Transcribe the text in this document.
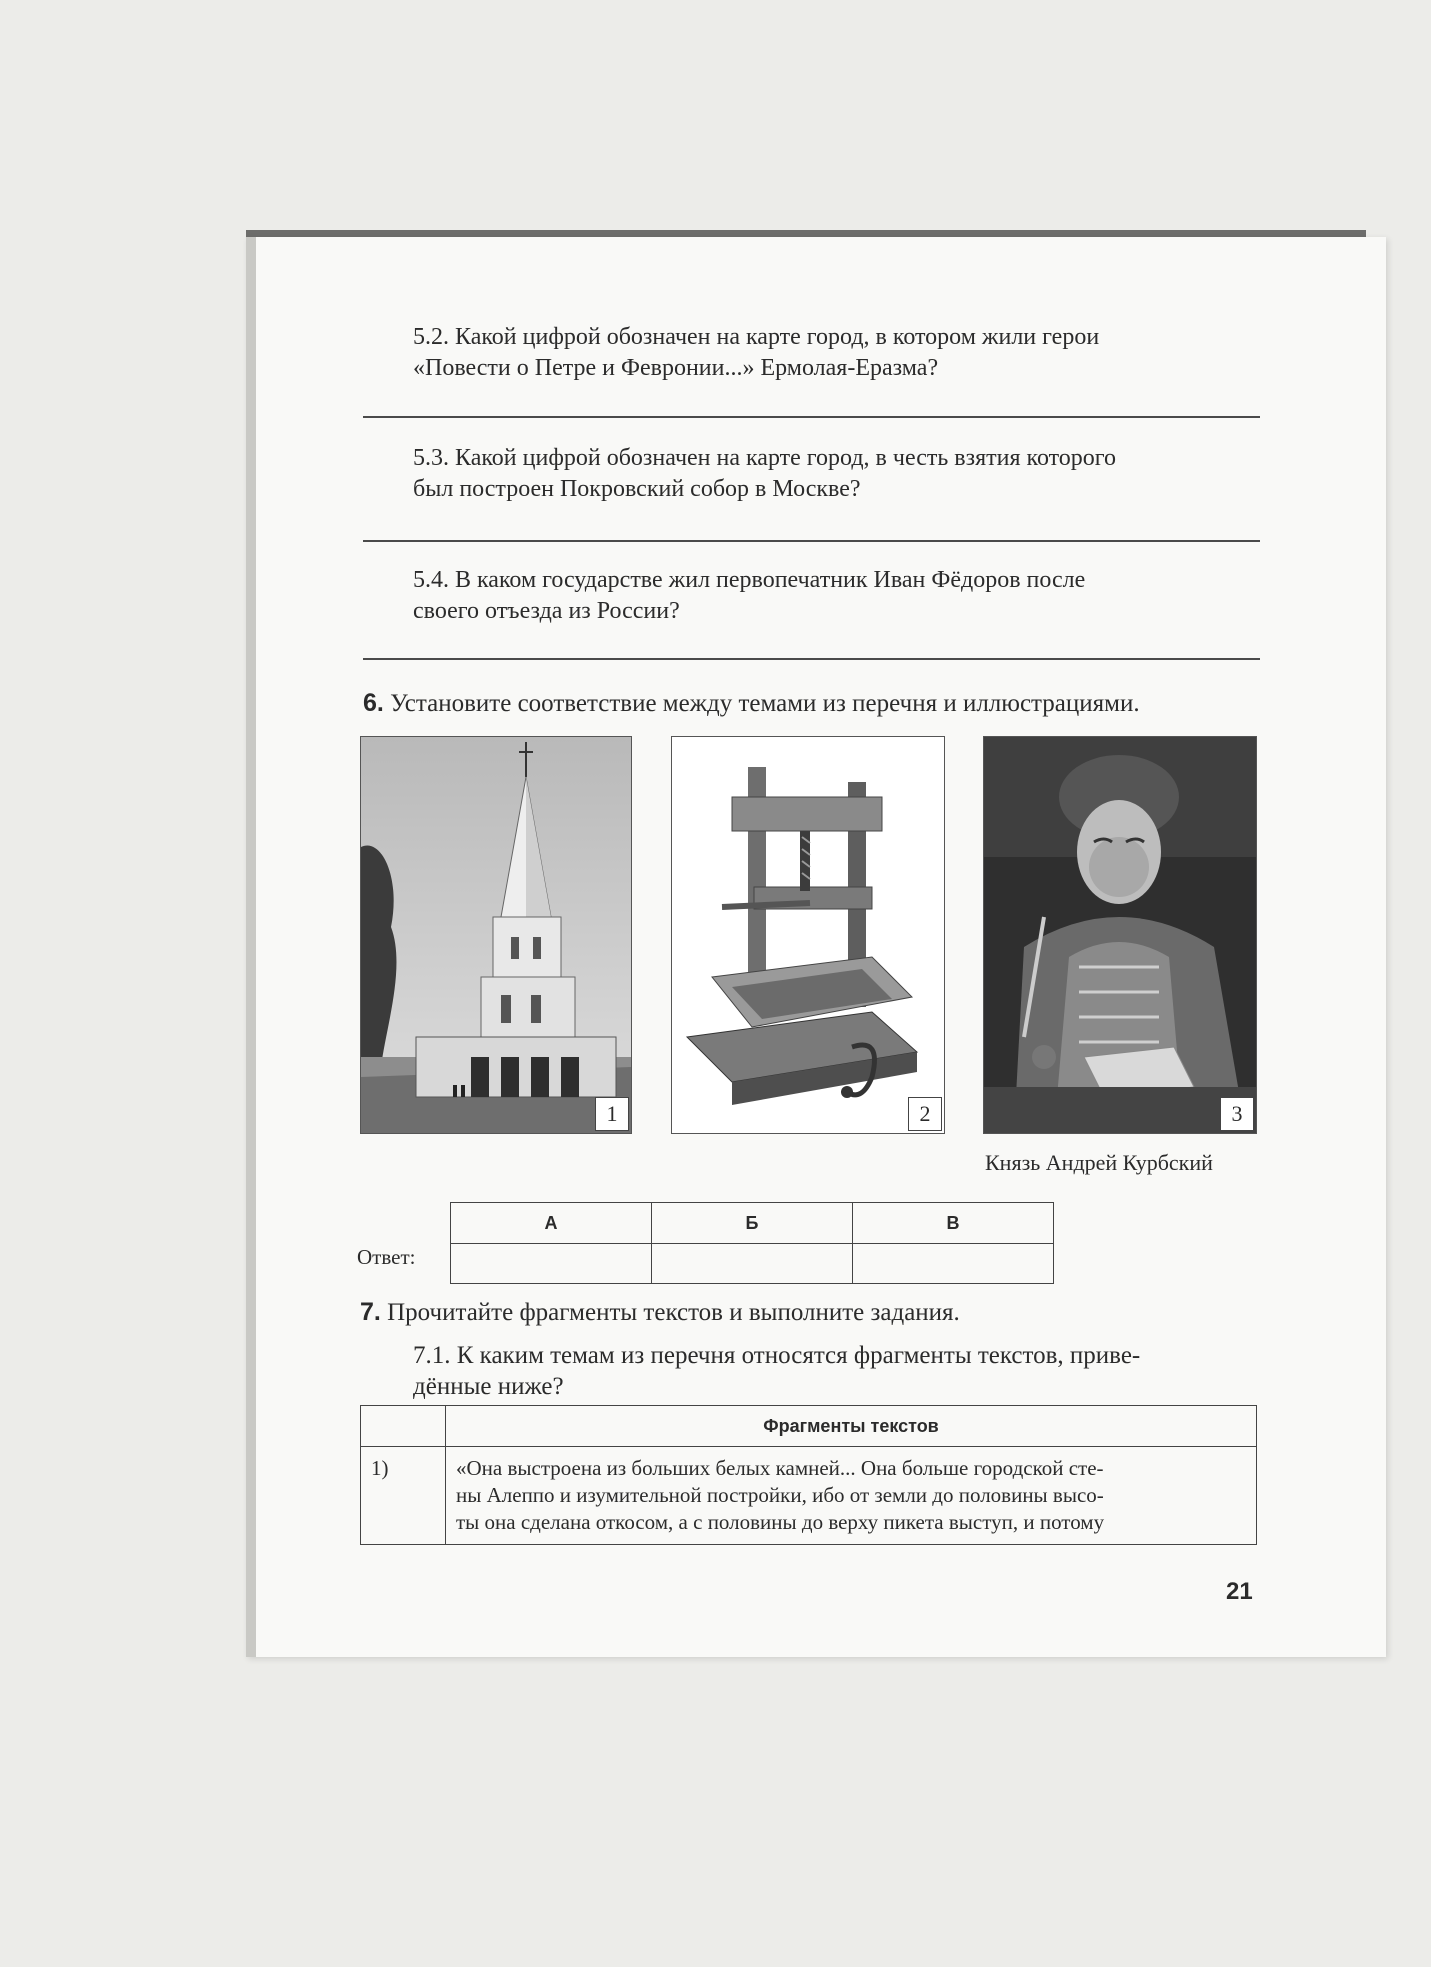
5.2. Какой цифрой обозначен на карте город, в котором жили герои
«Повести о Петре и Февронии...» Ермолая-Еразма?
5.3. Какой цифрой обозначен на карте город, в честь взятия которого
был построен Покровский собор в Москве?
5.4. В каком государстве жил первопечатник Иван Фёдоров после
своего отъезда из России?
6. Установите соответствие между темами из перечня и иллюстрациями.
1	2	3
Князь Андрей Курбский
Ответ:
А	Б	В

7. Прочитайте фрагменты текстов и выполните задания.
7.1. К каким темам из перечня относятся фрагменты текстов, приве-
дённые ниже?
	Фрагменты текстов
1)	«Она выстроена из больших белых камней... Она больше городской сте-
ны Алеппо и изумительной постройки, ибо от земли до половины высо-
ты она сделана откосом, а с половины до верху пикета выступ, и потому
21
